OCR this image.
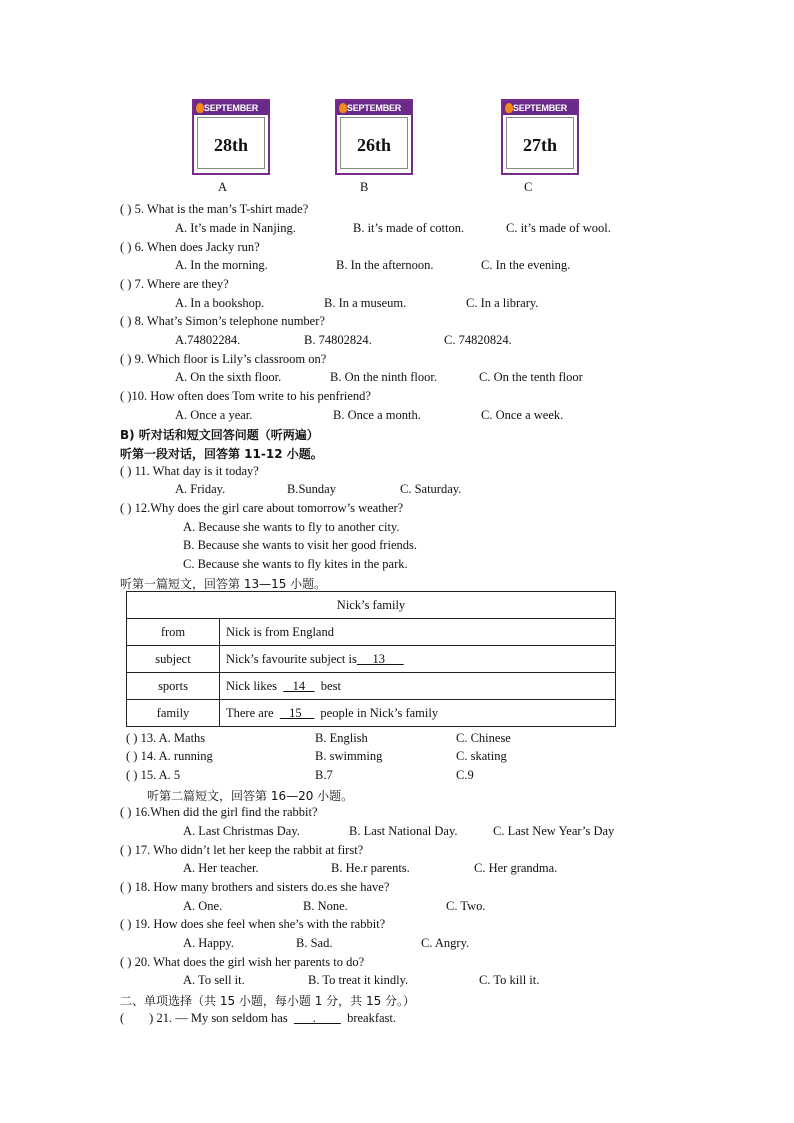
SEPTEMBER
28th
SEPTEMBER
26th
SEPTEMBER
27th
A	B	C
( ) 5. What is the man’s T-shirt made?
A. It’s made in Nanjing.	B. it’s made of cotton.	C. it’s made of wool.
( ) 6. When does Jacky run?
A. In the morning.	B. In the afternoon.	C. In the evening.
( ) 7. Where are they?
A. In a bookshop.	B. In a museum.	C. In a library.
( ) 8. What’s Simon’s telephone number?
A.74802284.	B. 74802824.	C. 74820824.
( ) 9. Which floor is Lily’s classroom on?
A. On the sixth floor.	B. On the ninth floor.	C. On the tenth floor
( )10. How often does Tom write to his penfriend?
A. Once a year.	B. Once a month.	C. Once a week.
B) 听对话和短文回答问题（听两遍）
听第一段对话，回答第 11-12 小题。
( ) 11. What day is it today?
A. Friday.	B.Sunday	C. Saturday.
( ) 12.Why does the girl care about tomorrow’s weather?
A. Because she wants to fly to another city.
B. Because she wants to visit her good friends.
C. Because she wants to fly kites in the park.
听第一篇短文，回答第 13—15 小题。
Nick’s family	
from	Nick is from England
subject	Nick’s favourite subject is     13
sports	Nick likes     14     best
family	There are     15      people in Nick’s family
( ) 13. A. Maths	B. English	C. Chinese
( ) 14. A. running	B. swimming	C. skating
( ) 15. A. 5	B.7	C.9
听第二篇短文，回答第 16—20 小题。
( ) 16.When did the girl find the rabbit?
A. Last Christmas Day.	B. Last National Day.	C. Last New Year’s Day
( ) 17. Who didn’t let her keep the rabbit at first?
A. Her teacher.	B. He.r parents.	C. Her grandma.
( ) 18. How many brothers and sisters do.es she have?
A. One.	B. None.	C. Two.
( ) 19. How does she feel when she’s with the rabbit?
A. Happy.	B. Sad.	C. Angry.
( ) 20. What does the girl wish her parents to do?
A. To sell it.	B. To treat it kindly.	C. To kill it.
二、单项选择（共 15 小题，每小题 1 分，共 15 分。）
(        ) 21. — My son seldom has        .          breakfast.
